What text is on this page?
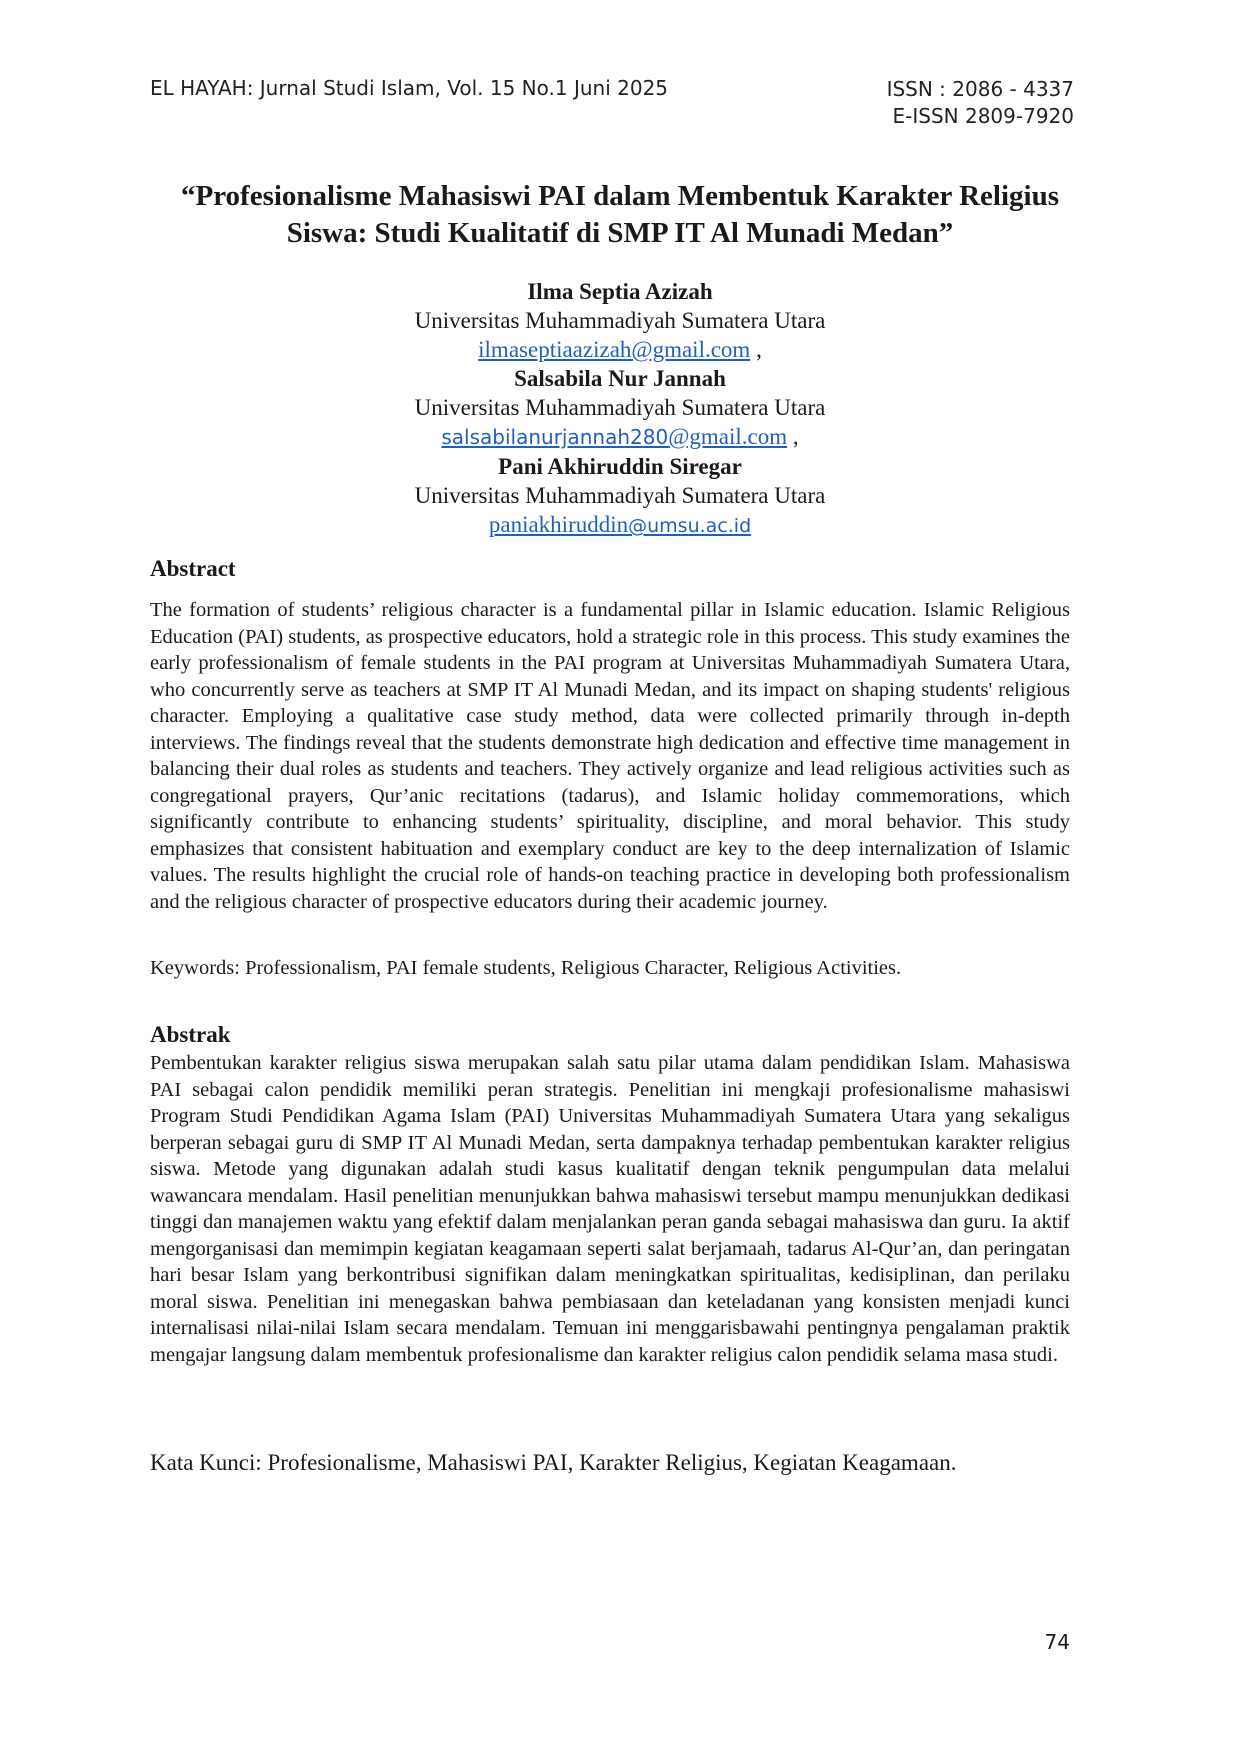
EL HAYAH: Jurnal Studi Islam, Vol. 15 No.1 Juni 2025	ISSN : 2086 - 4337
E-ISSN 2809-7920
“Profesionalisme Mahasiswi PAI dalam Membentuk Karakter Religius Siswa: Studi Kualitatif di SMP IT Al Munadi Medan”
Ilma Septia Azizah
Universitas Muhammadiyah Sumatera Utara
ilmaseptiaazizah@gmail.com ,
Salsabila Nur Jannah
Universitas Muhammadiyah Sumatera Utara
salsabilanurjannah280@gmail.com ,
Pani Akhiruddin Siregar
Universitas Muhammadiyah Sumatera Utara
paniakhiruddin@umsu.ac.id
Abstract

The formation of students’ religious character is a fundamental pillar in Islamic education. Islamic Religious Education (PAI) students, as prospective educators, hold a strategic role in this process. This study examines the early professionalism of female students in the PAI program at Universitas Muhammadiyah Sumatera Utara, who concurrently serve as teachers at SMP IT Al Munadi Medan, and its impact on shaping students' religious character. Employing a qualitative case study method, data were collected primarily through in-depth interviews. The findings reveal that the students demonstrate high dedication and effective time management in balancing their dual roles as students and teachers. They actively organize and lead religious activities such as congregational prayers, Qur’anic recitations (tadarus), and Islamic holiday commemorations, which significantly contribute to enhancing students’ spirituality, discipline, and moral behavior. This study emphasizes that consistent habituation and exemplary conduct are key to the deep internalization of Islamic values. The results highlight the crucial role of hands-on teaching practice in developing both professionalism and the religious character of prospective educators during their academic journey.

Keywords: Professionalism, PAI female students, Religious Character, Religious Activities.

Abstrak

Pembentukan karakter religius siswa merupakan salah satu pilar utama dalam pendidikan Islam. Mahasiswa PAI sebagai calon pendidik memiliki peran strategis. Penelitian ini mengkaji profesionalisme mahasiswi Program Studi Pendidikan Agama Islam (PAI) Universitas Muhammadiyah Sumatera Utara yang sekaligus berperan sebagai guru di SMP IT Al Munadi Medan, serta dampaknya terhadap pembentukan karakter religius siswa. Metode yang digunakan adalah studi kasus kualitatif dengan teknik pengumpulan data melalui wawancara mendalam. Hasil penelitian menunjukkan bahwa mahasiswi tersebut mampu menunjukkan dedikasi tinggi dan manajemen waktu yang efektif dalam menjalankan peran ganda sebagai mahasiswa dan guru. Ia aktif mengorganisasi dan memimpin kegiatan keagamaan seperti salat berjamaah, tadarus Al-Qur’an, dan peringatan hari besar Islam yang berkontribusi signifikan dalam meningkatkan spiritualitas, kedisiplinan, dan perilaku moral siswa. Penelitian ini menegaskan bahwa pembiasaan dan keteladanan yang konsisten menjadi kunci internalisasi nilai-nilai Islam secara mendalam. Temuan ini menggarisbawahi pentingnya pengalaman praktik mengajar langsung dalam membentuk profesionalisme dan karakter religius calon pendidik selama masa studi.

Kata Kunci: Profesionalisme, Mahasiswi PAI, Karakter Religius, Kegiatan Keagamaan.

74
